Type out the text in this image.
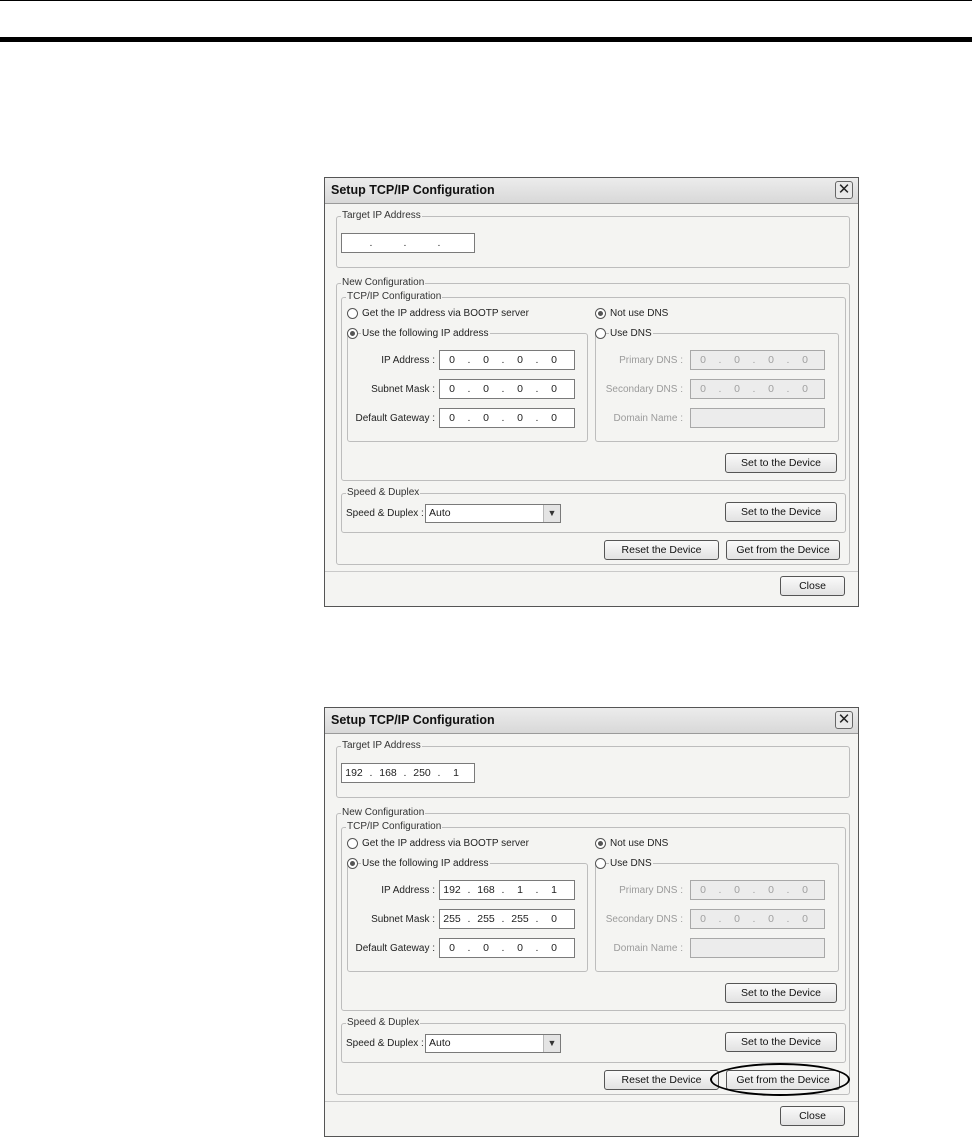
Setup TCP/IP Configuration	✕
Target IP Address
.	.	.
New Configuration
TCP/IP Configuration
Get the IP address via BOOTP server
Use the following IP address
IP Address :	0	.	0	.	0	.	0
Subnet Mask :	0	.	0	.	0	.	0
Default Gateway :	0	.	0	.	0	.	0
Not use DNS
Use DNS
Primary DNS :	0	.	0	.	0	.	0
Secondary DNS :	0	.	0	.	0	.	0
Domain Name :
Set to the Device
Speed & Duplex
Speed & Duplex : Auto	▼	Set to the Device
Reset the Device	Get from the Device
Close
Setup TCP/IP Configuration	✕
Target IP Address
192 . 168 . 250 .	1
New Configuration
TCP/IP Configuration
Get the IP address via BOOTP server
Use the following IP address
IP Address : 192 . 168 .	1	.	1
Subnet Mask : 255 . 255 . 255 .	0
Default Gateway :	0	.	0	.	0	.	0
Not use DNS
Use DNS
Primary DNS :	0	.	0	.	0	.	0
Secondary DNS :	0	.	0	.	0	.	0
Domain Name :
Set to the Device
Speed & Duplex
Speed & Duplex : Auto	▼	Set to the Device
Reset the Device	Get from the Device
Close
